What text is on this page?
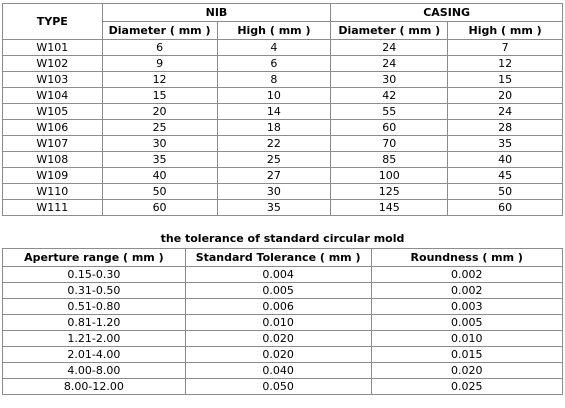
TYPE	NIB		CASING	
	Diameter ( mm )	High ( mm )	Diameter ( mm )	High ( mm )
W101	6	4	24	7
W102	9	6	24	12
W103	12	8	30	15
W104	15	10	42	20
W105	20	14	55	24
W106	25	18	60	28
W107	30	22	70	35
W108	35	25	85	40
W109	40	27	100	45
W110	50	30	125	50
W111	60	35	145	60
the tolerance of standard circular mold
Aperture range ( mm )	Standard Tolerance ( mm )	Roundness ( mm )
0.15-0.30	0.004	0.002
0.31-0.50	0.005	0.002
0.51-0.80	0.006	0.003
0.81-1.20	0.010	0.005
1.21-2.00	0.020	0.010
2.01-4.00	0.020	0.015
4.00-8.00	0.040	0.020
8.00-12.00	0.050	0.025
